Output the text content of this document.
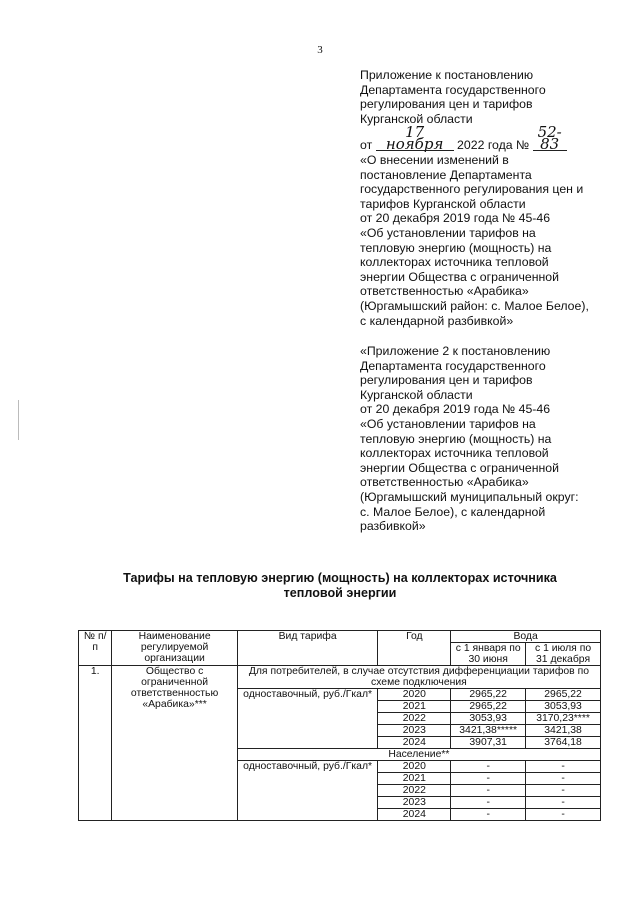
3

Приложение к постановлению

Департамента государственного

регулирования цен и тарифов

Курганской области

от 17 ноября 2022 года № 52-83

«О внесении изменений в

постановление Департамента

государственного регулирования цен и

тарифов Курганской области

от 20 декабря 2019 года № 45-46

«Об установлении тарифов на

тепловую энергию (мощность) на

коллекторах источника тепловой

энергии Общества с ограниченной

ответственностью «Арабика»

(Юргамышский район: с. Малое Белое),

с календарной разбивкой»

«Приложение 2 к постановлению

Департамента государственного

регулирования цен и тарифов

Курганской области

от 20 декабря 2019 года № 45-46

«Об установлении тарифов на

тепловую энергию (мощность) на

коллекторах источника тепловой

энергии Общества с ограниченной

ответственностью «Арабика»

(Юргамышский муниципальный округ:

с. Малое Белое), с календарной

разбивкой»

Тарифы на тепловую энергию (мощность) на коллекторах источника
тепловой энергии
№ п/п	Наименование регулируемой организации	Вид тарифа	Год	Вода	
				с 1 января по 30 июня	с 1 июля по 31 декабря
1.	Общество с ограниченной ответственностью «Арабика»***	Для потребителей, в случае отсутствия дифференциации тарифов по схеме подключения			
		одноставочный, руб./Гкал*	2020	2965,22	2965,22
			2021	2965,22	3053,93
			2022	3053,93	3170,23****
			2023	3421,38*****	3421,38
			2024	3907,31	3764,18
		Население**			
		одноставочный, руб./Гкал*	2020	-	-
			2021	-	-
			2022	-	-
			2023	-	-
			2024	-	-
